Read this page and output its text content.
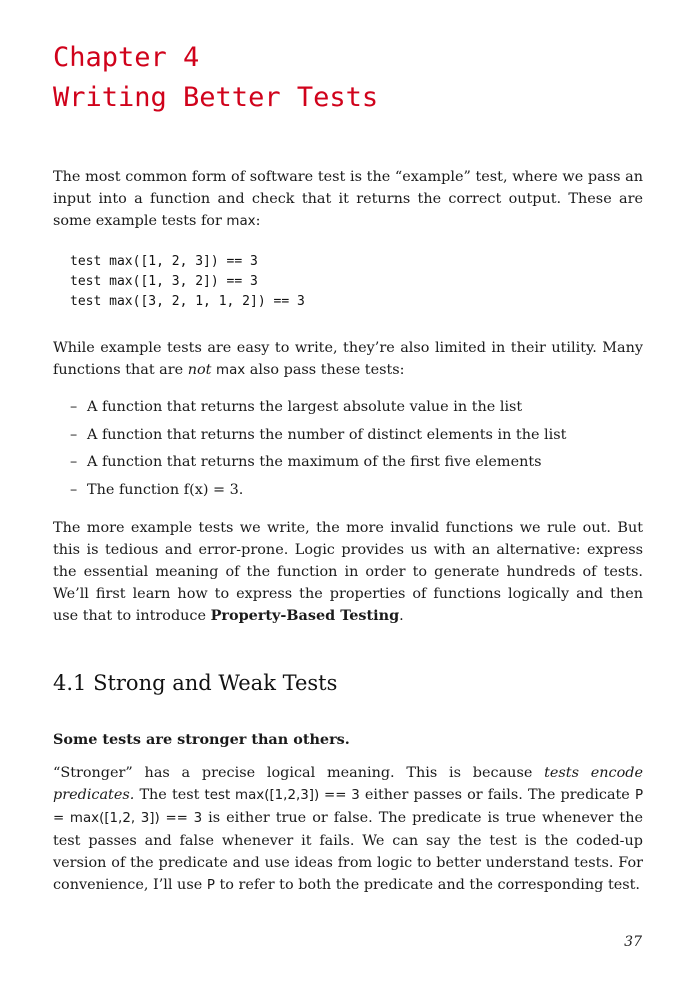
Chapter 4
Writing Better Tests

The most common form of software test is the “example” test, where we pass an input into a function and check that it returns the correct output. These are some example tests for max:

test max([1, 2, 3]) == 3
test max([1, 3, 2]) == 3
test max([3, 2, 1, 1, 2]) == 3

While example tests are easy to write, they’re also limited in their utility. Many functions that are not max also pass these tests:

– A function that returns the largest absolute value in the list
– A function that returns the number of distinct elements in the list
– A function that returns the maximum of the first five elements
– The function f(x) = 3.

The more example tests we write, the more invalid functions we rule out. But this is tedious and error-prone. Logic provides us with an alternative: express the essential meaning of the function in order to generate hundreds of tests. We’ll first learn how to express the properties of functions logically and then use that to introduce Property-Based Testing.

4.1 Strong and Weak Tests

Some tests are stronger than others.

“Stronger” has a precise logical meaning. This is because tests encode predicates. The test test max([1,2,3]) == 3 either passes or fails. The predicate P = max([1,2, 3]) == 3 is either true or false. The predicate is true whenever the test passes and false whenever it fails. We can say the test is the coded-up version of the predicate and use ideas from logic to better understand tests. For convenience, I’ll use P to refer to both the predicate and the corresponding test.

37
